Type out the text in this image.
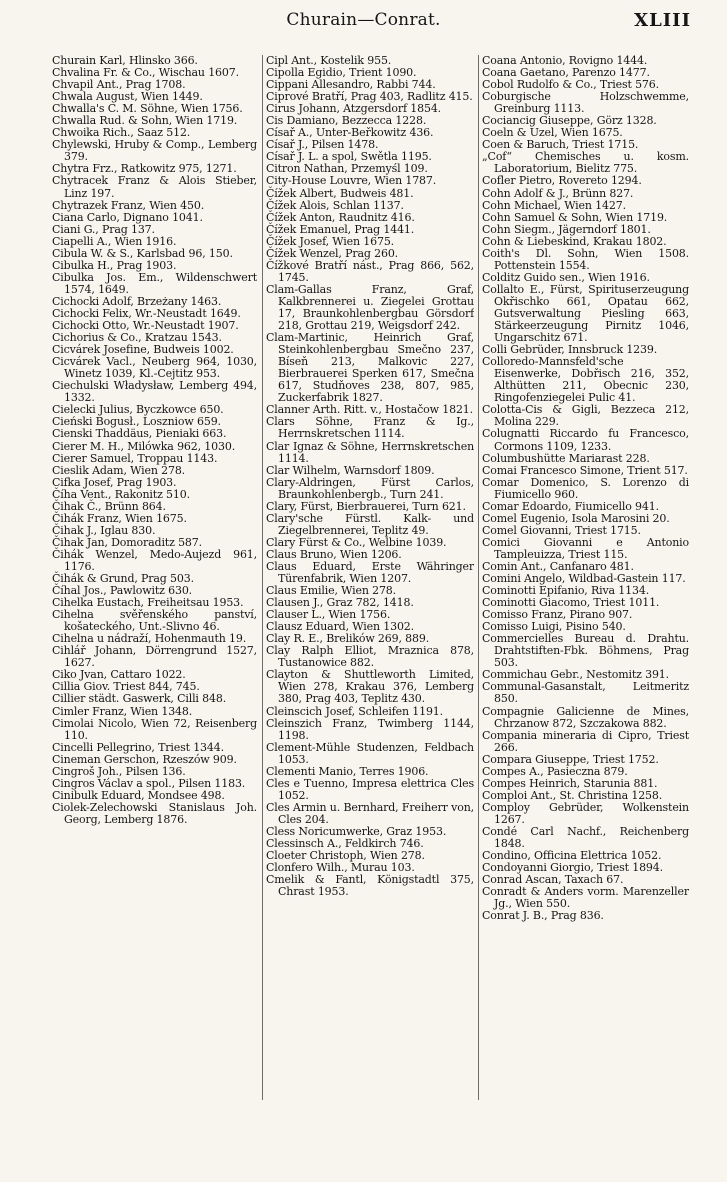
Churain—Conrat.	XLIII

Churain Karl, Hlinsko 366.

Chvalina Fr. & Co., Wischau 1607.

Chvapil Ant., Prag 1708.

Chwala August, Wien 1449.

Chwalla's C. M. Söhne, Wien 1756.

Chwalla Rud. & Sohn, Wien 1719.

Chwoika Rich., Saaz 512.

Chylewski, Hruby & Comp., Lemberg 379.

Chytra Frz., Ratkowitz 975, 1271.

Chytracek Franz & Alois Stieber, Linz 197.

Chytrazek Franz, Wien 450.

Ciana Carlo, Dignano 1041.

Ciani G., Prag 137.

Ciapelli A., Wien 1916.

Cibula W. & S., Karlsbad 96, 150.

Cibulka H., Prag 1903.

Cibulka Jos. Em., Wildenschwert 1574, 1649.

Cichocki Adolf, Brzeżany 1463.

Cichocki Felix, Wr.-Neustadt 1649.

Cichocki Otto, Wr.-Neustadt 1907.

Cichorius & Co., Kratzau 1543.

Cicvárek Josefine, Budweis 1002.

Cicvárek Vacl., Neuberg 964, 1030, Winetz 1039, Kl.-Cejtitz 953.

Ciechulski Władysław, Lemberg 494, 1332.

Cielecki Julius, Byczkowce 650.

Cieński Bogusł., Loszniow 659.

Cienski Thaddäus, Pieniaki 663.

Cierer M. H., Milówka 962, 1030.

Cierer Samuel, Troppau 1143.

Cieslik Adam, Wien 278.

Cifka Josef, Prag 1903.

Číha Vent., Rakonitz 510.

Čihak Č., Brünn 864.

Čihák Franz, Wien 1675.

Čihak J., Iglau 830.

Čihak Jan, Domoraditz 587.

Čihák Wenzel, Medo-Aujezd 961, 1176.

Čihák & Grund, Prag 503.

Číhal Jos., Pawlowitz 630.

Cihelka Eustach, Freiheitsau 1953.

Cihelna svěřenského panství, košateckého, Unt.-Slivno 46.

Cihelna u nádraží, Hohenmauth 19.

Cihlář Johann, Dörrengrund 1527, 1627.

Ciko Jvan, Cattaro 1022.

Cillia Giov. Triest 844, 745.

Cillier städt. Gaswerk, Cilli 848.

Cimler Franz, Wien 1348.

Cimolai Nicolo, Wien 72, Reisenberg 110.

Cincelli Pellegrino, Triest 1344.

Cineman Gerschon, Rzeszów 909.

Cingroš Joh., Pilsen 136.

Cingros Václav a spol., Pilsen 1183.

Cinibulk Eduard, Mondsee 498.

Ciolek-Zelechowski Stanislaus Joh. Georg, Lemberg 1876.

Cipl Ant., Kostelik 955.

Cipolla Egidio, Trient 1090.

Cippani Allesandro, Rabbi 744.

Ciprové Bratří, Prag 403, Radlitz 415.

Cirus Johann, Atzgersdorf 1854.

Cis Damiano, Bezzecca 1228.

Císař A., Unter-Beřkowitz 436.

Císař J., Pilsen 1478.

Císař J. L. a spol, Swětla 1195.

Citron Nathan, Przemyśl 109.

City-House Louvre, Wien 1787.

Čížek Albert, Budweis 481.

Čížek Alois, Schlan 1137.

Čížek Anton, Raudnitz 416.

Čížek Emanuel, Prag 1441.

Čížek Josef, Wien 1675.

Čížek Wenzel, Prag 260.

Čížkové Bratří nást., Prag 866, 562, 1745.

Clam-Gallas Franz, Graf, Kalkbrennerei u. Ziegelei Grottau 17, Braunkohlenbergbau Görsdorf 218, Grottau 219, Weigsdorf 242.

Clam-Martinic, Heinrich Graf, Steinkohlenbergbau Smečno 237, Bíseň 213, Malkovic 227, Bierbrauerei Sperken 617, Smečna 617, Studňoves 238, 807, 985, Zuckerfabrik 1827.

Clanner Arth. Ritt. v., Hostačow 1821.

Clars Söhne, Franz & Ig., Herrnskretschen 1114.

Clar Ignaz & Söhne, Herrnskretschen 1114.

Clar Wilhelm, Warnsdorf 1809.

Clary-Aldringen, Fürst Carlos, Braunkohlenbergb., Turn 241.

Clary, Fürst, Bierbrauerei, Turn 621.

Clary'sche Fürstl. Kalk- und Ziegelbrennerei, Teplitz 49.

Clary Fürst & Co., Welbine 1039.

Claus Bruno, Wien 1206.

Claus Eduard, Erste Währinger Türenfabrik, Wien 1207.

Claus Emilie, Wien 278.

Clausen J., Graz 782, 1418.

Clauser L., Wien 1756.

Clausz Eduard, Wien 1302.

Clay R. E., Brelików 269, 889.

Clay Ralph Elliot, Mraznica 878, Tustanowice 882.

Clayton & Shuttleworth Limited, Wien 278, Krakau 376, Lemberg 380, Prag 403, Teplitz 430.

Cleinscich Josef, Schleifen 1191.

Cleinszich Franz, Twimberg 1144, 1198.

Clement-Mühle Studenzen, Feldbach 1053.

Clementi Manio, Terres 1906.

Cles e Tuenno, Impresa elettrica Cles 1052.

Cles Armin u. Bernhard, Freiherr von, Cles 204.

Cless Noricumwerke, Graz 1953.

Clessinsch A., Feldkirch 746.

Cloeter Christoph, Wien 278.

Clonfero Wilh., Murau 103.

Cmelik & Fantl, Königstadtl 375, Chrast 1953.

Coana Antonio, Rovigno 1444.

Coana Gaetano, Parenzo 1477.

Cobol Rudolfo & Co., Triest 576.

Coburgische Holzschwemme, Greinburg 1113.

Cociancig Giuseppe, Görz 1328.

Coeln & Uzel, Wien 1675.

Coen & Baruch, Triest 1715.

„Cof“ Chemisches u. kosm. Laboratorium, Bielitz 775.

Cofler Pietro, Rovereto 1294.

Cohn Adolf & J., Brünn 827.

Cohn Michael, Wien 1427.

Cohn Samuel & Sohn, Wien 1719.

Cohn Siegm., Jägerndorf 1801.

Cohn & Liebeskind, Krakau 1802.

Coith's Dl. Sohn, Wien 1508. Pottenstein 1554.

Colditz Guido sen., Wien 1916.

Collalto E., Fürst, Spirituserzeugung Okřischko 661, Opatau 662, Gutsverwaltung Piesling 663, Stärkeerzeugung Pirnitz 1046, Ungarschitz 671.

Colli Gebrüder, Innsbruck 1239.

Colloredo-Mannsfeld'sche Eisenwerke, Dobřisch 216, 352, Althütten 211, Obecnic 230, Ringofenziegelei Pulic 41.

Colotta-Cis & Gigli, Bezzeca 212, Molina 229.

Colugnatti Riccardo fu Francesco, Cormons 1109, 1233.

Columbushütte Mariarast 228.

Comai Francesco Simone, Trient 517.

Comar Domenico, S. Lorenzo di Fiumicello 960.

Comar Edoardo, Fiumicello 941.

Comel Eugenio, Isola Marosini 20.

Comel Giovanni, Triest 1715.

Comici Giovanni e Antonio Tampleuizza, Triest 115.

Comin Ant., Canfanaro 481.

Comini Angelo, Wildbad-Gastein 117.

Cominotti Epifanio, Riva 1134.

Cominotti Giacomo, Triest 1011.

Comisso Franz, Pirano 907.

Comisso Luigi, Pisino 540.

Commercielles Bureau d. Drahtu. Drahtstiften-Fbk. Böhmens, Prag 503.

Commichau Gebr., Nestomitz 391.

Communal-Gasanstalt, Leitmeritz 850.

Compagnie Galicienne de Mines, Chrzanow 872, Szczakowa 882.

Compania mineraria di Cipro, Triest 266.

Compara Giuseppe, Triest 1752.

Compes A., Pasieczna 879.

Compes Heinrich, Starunia 881.

Comploi Ant., St. Christina 1258.

Comploy Gebrüder, Wolkenstein 1267.

Condé Carl Nachf., Reichenberg 1848.

Condino, Officina Elettrica 1052.

Condoyanni Giorgio, Triest 1894.

Conrad Ascan, Taxach 67.

Conradt & Anders vorm. Marenzeller Jg., Wien 550.

Conrat J. B., Prag 836.
